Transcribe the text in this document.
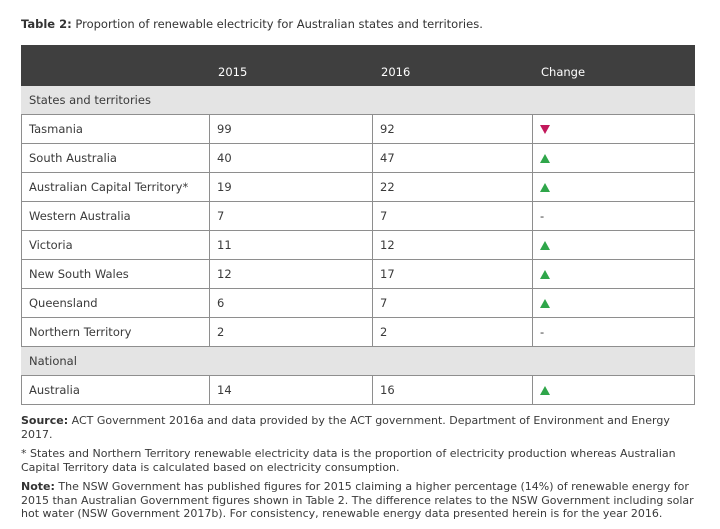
Table 2: Proportion of renewable electricity for Australian states and territories.
	2015	2016	Change
States and territories			
Tasmania	99	92	
South Australia	40	47	
Australian Capital Territory*	19	22	
Western Australia	7	7	-
Victoria	11	12	
New South Wales	12	17	
Queensland	6	7	
Northern Territory	2	2	-
National			
Australia	14	16	

Source: ACT Government 2016a and data provided by the ACT government. Department of Environment and Energy 2017.

* States and Northern Territory renewable electricity data is the proportion of electricity production whereas Australian Capital Territory data is calculated based on electricity consumption.

Note: The NSW Government has published figures for 2015 claiming a higher percentage (14%) of renewable energy for 2015 than Australian Government figures shown in Table 2. The difference relates to the NSW Government including solar hot water (NSW Government 2017b). For consistency, renewable energy data presented herein is for the year 2016.
